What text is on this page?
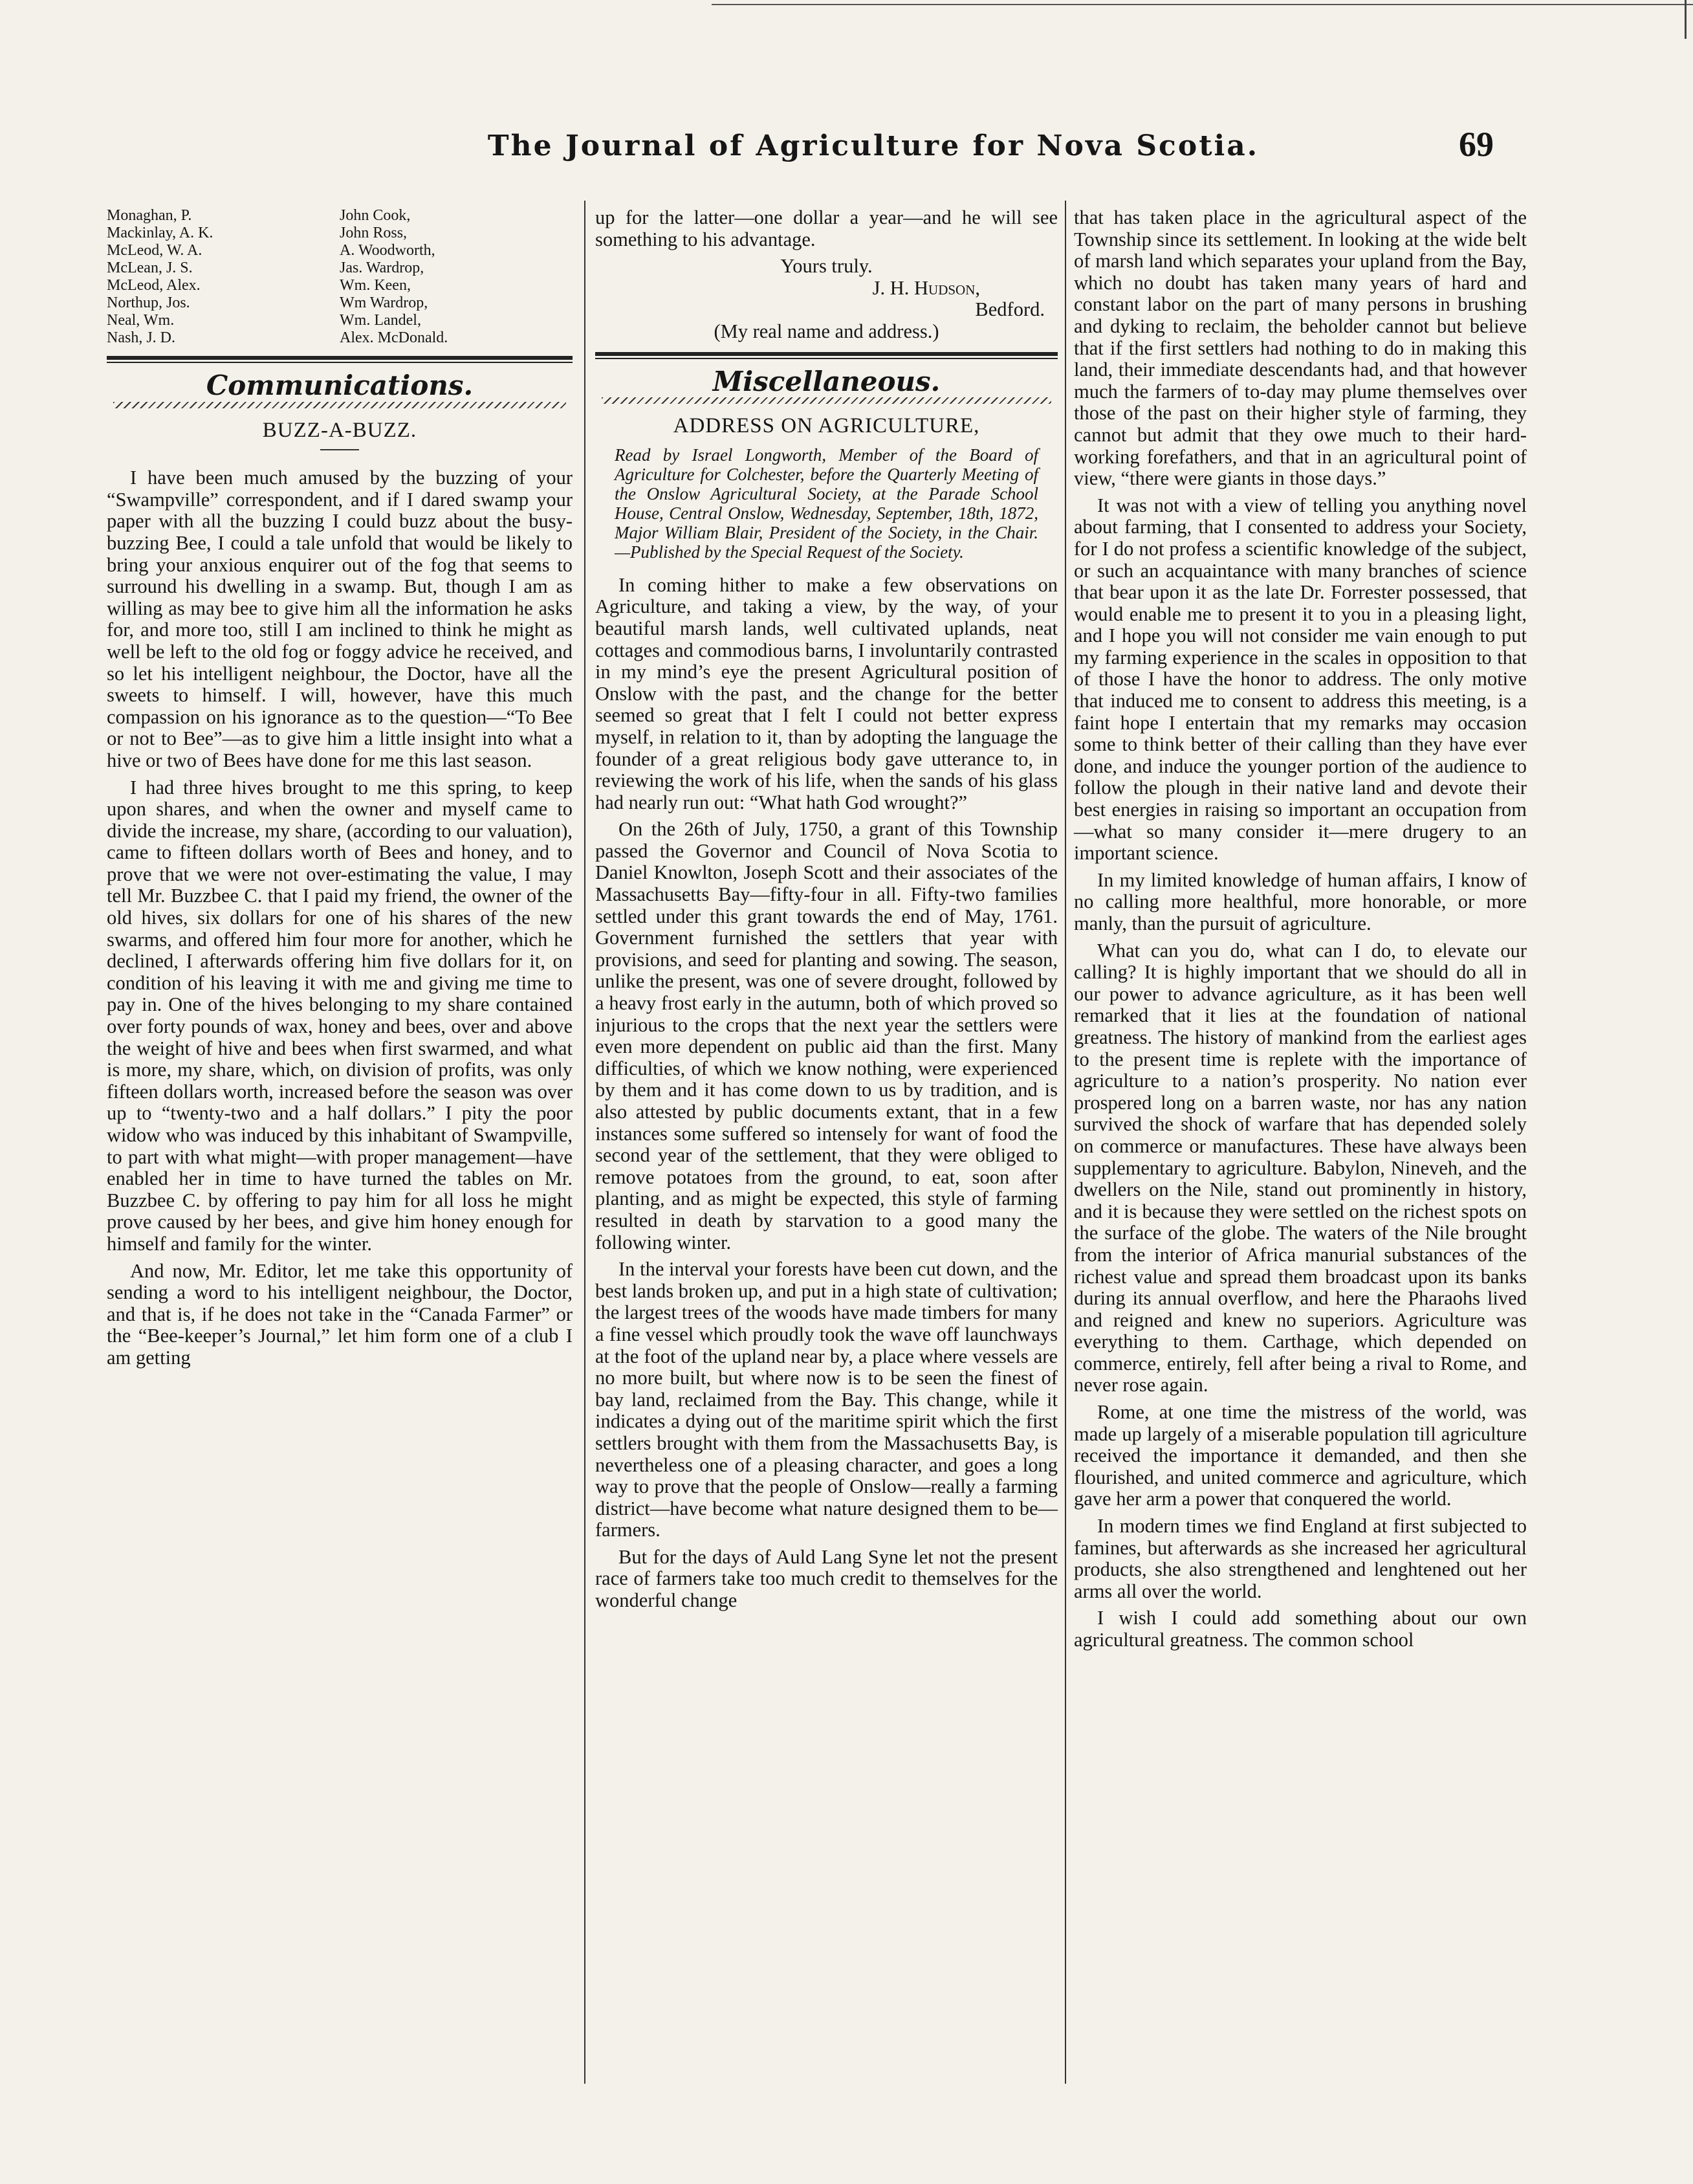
The Journal of Agriculture for Nova Scotia.	69
Monaghan, P.
Mackinlay, A. K.
McLeod, W. A.
McLean, J. S.
McLeod, Alex.
Northup, Jos.
Neal, Wm.
Nash, J. D.
John Cook,
John Ross,
A. Woodworth,
Jas. Wardrop,
Wm. Keen,
Wm Wardrop,
Wm. Landel,
Alex. McDonald.
Communications.
BUZZ-A-BUZZ.

I have been much amused by the buzzing of your “Swampville” correspondent, and if I dared swamp your paper with all the buzzing I could buzz about the busy-buzzing Bee, I could a tale unfold that would be likely to bring your anxious enquirer out of the fog that seems to surround his dwelling in a swamp. But, though I am as willing as may bee to give him all the information he asks for, and more too, still I am inclined to think he might as well be left to the old fog or foggy advice he received, and so let his intelligent neighbour, the Doctor, have all the sweets to himself. I will, however, have this much compassion on his ignorance as to the question—“To Bee or not to Bee”—as to give him a little insight into what a hive or two of Bees have done for me this last season.

I had three hives brought to me this spring, to keep upon shares, and when the owner and myself came to divide the increase, my share, (according to our valuation), came to fifteen dollars worth of Bees and honey, and to prove that we were not over-estimating the value, I may tell Mr. Buzzbee C. that I paid my friend, the owner of the old hives, six dollars for one of his shares of the new swarms, and offered him four more for another, which he declined, I afterwards offering him five dollars for it, on condition of his leaving it with me and giving me time to pay in. One of the hives belonging to my share contained over forty pounds of wax, honey and bees, over and above the weight of hive and bees when first swarmed, and what is more, my share, which, on division of profits, was only fifteen dollars worth, increased before the season was over up to “twenty-two and a half dollars.” I pity the poor widow who was induced by this inhabitant of Swampville, to part with what might—with proper management—have enabled her in time to have turned the tables on Mr. Buzzbee C. by offering to pay him for all loss he might prove caused by her bees, and give him honey enough for himself and family for the winter.

And now, Mr. Editor, let me take this opportunity of sending a word to his intelligent neighbour, the Doctor, and that is, if he does not take in the “Canada Farmer” or the “Bee-keeper’s Journal,” let him form one of a club I am getting

up for the latter—one dollar a year—and he will see something to his advantage.

Yours truly.

J. H. Hudson,

Bedford.

(My real name and address.)

Miscellaneous.
ADDRESS ON AGRICULTURE,

Read by Israel Longworth, Member of the Board of Agriculture for Colchester, before the Quarterly Meeting of the Onslow Agricultural Society, at the Parade School House, Central Onslow, Wednesday, September, 18th, 1872, Major William Blair, President of the Society, in the Chair.—Published by the Special Request of the Society.

In coming hither to make a few observations on Agriculture, and taking a view, by the way, of your beautiful marsh lands, well cultivated uplands, neat cottages and commodious barns, I involuntarily contrasted in my mind’s eye the present Agricultural position of Onslow with the past, and the change for the better seemed so great that I felt I could not better express myself, in relation to it, than by adopting the language the founder of a great religious body gave utterance to, in reviewing the work of his life, when the sands of his glass had nearly run out: “What hath God wrought?”

On the 26th of July, 1750, a grant of this Township passed the Governor and Council of Nova Scotia to Daniel Knowlton, Joseph Scott and their associates of the Massachusetts Bay—fifty-four in all. Fifty-two families settled under this grant towards the end of May, 1761. Government furnished the settlers that year with provisions, and seed for planting and sowing. The season, unlike the present, was one of severe drought, followed by a heavy frost early in the autumn, both of which proved so injurious to the crops that the next year the settlers were even more dependent on public aid than the first. Many difficulties, of which we know nothing, were experienced by them and it has come down to us by tradition, and is also attested by public documents extant, that in a few instances some suffered so intensely for want of food the second year of the settlement, that they were obliged to remove potatoes from the ground, to eat, soon after planting, and as might be expected, this style of farming resulted in death by starvation to a good many the following winter.

In the interval your forests have been cut down, and the best lands broken up, and put in a high state of cultivation; the largest trees of the woods have made timbers for many a fine vessel which proudly took the wave off launchways at the foot of the upland near by, a place where vessels are no more built, but where now is to be seen the finest of bay land, reclaimed from the Bay. This change, while it indicates a dying out of the maritime spirit which the first settlers brought with them from the Massachusetts Bay, is nevertheless one of a pleasing character, and goes a long way to prove that the people of Onslow—really a farming district—have become what nature designed them to be—farmers.

But for the days of Auld Lang Syne let not the present race of farmers take too much credit to themselves for the wonderful change

that has taken place in the agricultural aspect of the Township since its settlement. In looking at the wide belt of marsh land which separates your upland from the Bay, which no doubt has taken many years of hard and constant labor on the part of many persons in brushing and dyking to reclaim, the beholder cannot but believe that if the first settlers had nothing to do in making this land, their immediate descendants had, and that however much the farmers of to-day may plume themselves over those of the past on their higher style of farming, they cannot but admit that they owe much to their hard-working forefathers, and that in an agricultural point of view, “there were giants in those days.”

It was not with a view of telling you anything novel about farming, that I consented to address your Society, for I do not profess a scientific knowledge of the subject, or such an acquaintance with many branches of science that bear upon it as the late Dr. Forrester possessed, that would enable me to present it to you in a pleasing light, and I hope you will not consider me vain enough to put my farming experience in the scales in opposition to that of those I have the honor to address. The only motive that induced me to consent to address this meeting, is a faint hope I entertain that my remarks may occasion some to think better of their calling than they have ever done, and induce the younger portion of the audience to follow the plough in their native land and devote their best energies in raising so important an occupation from—what so many consider it—mere drugery to an important science.

In my limited knowledge of human affairs, I know of no calling more healthful, more honorable, or more manly, than the pursuit of agriculture.

What can you do, what can I do, to elevate our calling? It is highly important that we should do all in our power to advance agriculture, as it has been well remarked that it lies at the foundation of national greatness. The history of mankind from the earliest ages to the present time is replete with the importance of agriculture to a nation’s prosperity. No nation ever prospered long on a barren waste, nor has any nation survived the shock of warfare that has depended solely on commerce or manufactures. These have always been supplementary to agriculture. Babylon, Nineveh, and the dwellers on the Nile, stand out prominently in history, and it is because they were settled on the richest spots on the surface of the globe. The waters of the Nile brought from the interior of Africa manurial substances of the richest value and spread them broadcast upon its banks during its annual overflow, and here the Pharaohs lived and reigned and knew no superiors. Agriculture was everything to them. Carthage, which depended on commerce, entirely, fell after being a rival to Rome, and never rose again.

Rome, at one time the mistress of the world, was made up largely of a miserable population till agriculture received the importance it demanded, and then she flourished, and united commerce and agriculture, which gave her arm a power that conquered the world.

In modern times we find England at first subjected to famines, but afterwards as she increased her agricultural products, she also strengthened and lenghtened out her arms all over the world.

I wish I could add something about our own agricultural greatness. The common school
